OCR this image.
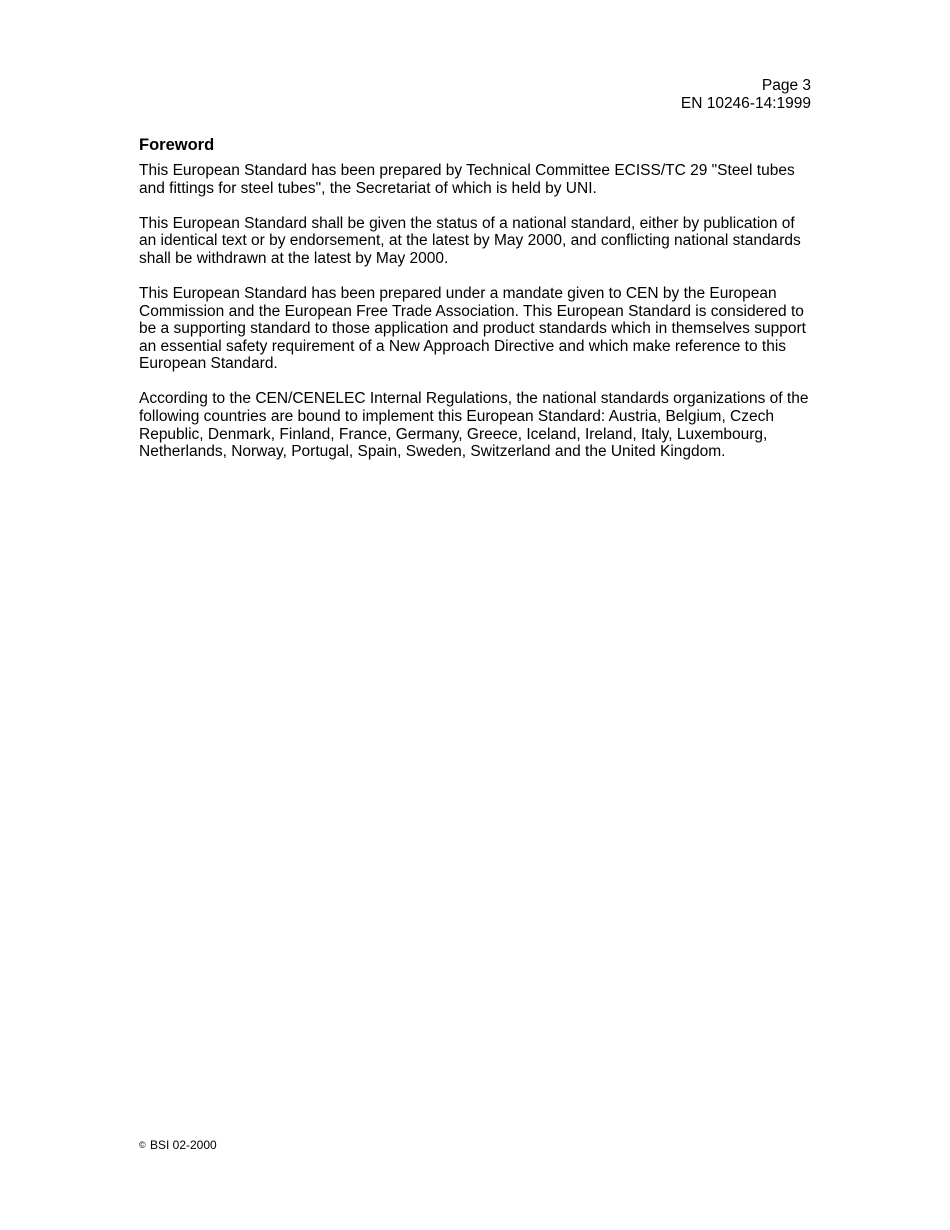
Page 3
EN 10246-14:1999
Foreword

This European Standard has been prepared by Technical Committee ECISS/TC 29 "Steel tubes and fittings for steel tubes", the Secretariat of which is held by UNI.

This European Standard shall be given the status of a national standard, either by publication of an identical text or by endorsement, at the latest by May 2000, and conflicting national standards shall be withdrawn at the latest by May 2000.

This European Standard has been prepared under a mandate given to CEN by the European Commission and the European Free Trade Association. This European Standard is considered to be a supporting standard to those application and product standards which in themselves support an essential safety requirement of a New Approach Directive and which make reference to this European Standard.

According to the CEN/CENELEC Internal Regulations, the national standards organizations of the following countries are bound to implement this European Standard: Austria, Belgium, Czech Republic, Denmark, Finland, France, Germany, Greece, Iceland, Ireland, Italy, Luxembourg, Netherlands, Norway, Portugal, Spain, Sweden, Switzerland and the United Kingdom.

© BSI 02-2000
